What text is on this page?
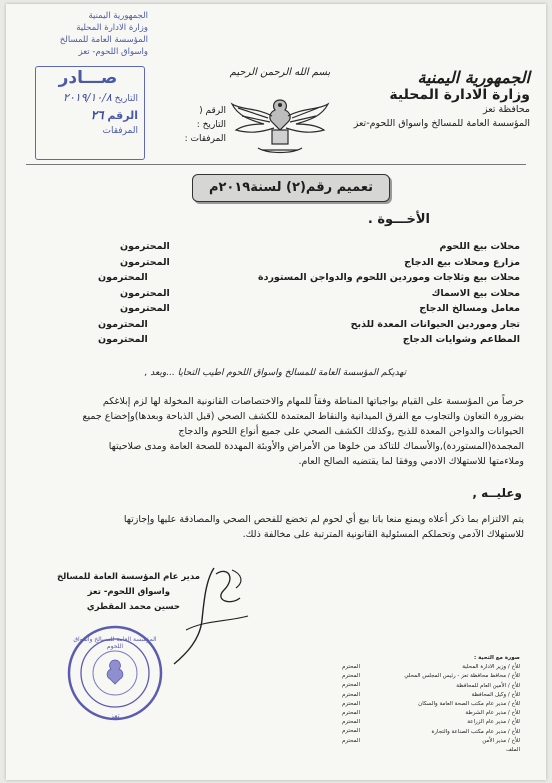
الجمهورية اليمنية
وزارة الادارة المحلية
المؤسسة العامة للمسالخ
واسواق اللحوم- تعز
صـــادر
التاريخ ٢٠١٩/١٠/٨
الرقم ٢٦
المرفقات
بسم الله الرحمن الرحيم	الجمهورية اليمنية
وزارة الادارة المحلية
محافظة تعز
المؤسسة العامة للمسالخ واسواق اللحوم-تعز
الرقم (
التاريخ :
المرفقات :
تعميم رقم(٢) لسنة٢٠١٩م
الأخـــوة .
محلات بيع اللحوم
المحترمون
مزارع ومحلات بيع الدجاج
المحترمون
محلات بيع وثلاجات وموردين اللحوم والدواجن المستوردة
المحترمون
محلات بيع الاسماك
المحترمون
معامل ومسالخ الدجاج
المحترمون
تجار وموردين الحيوانات المعدة للذبح
المحترمون
المطاعم وشوايات الدجاج
المحترمون
تهديكم المؤسسة العامة للمسالخ واسواق اللحوم اطيب التحايا ...وبعد ,
حرصاً من المؤسسة على القيام بواجباتها المناطة وفقاً للمهام والاختصاصات القانونية المخولة لها لزم إبلاغكم
بضرورة التعاون والتجاوب مع الفرق الميدانية والنقاط المعتمدة للكشف الصحي (قبل الذباحة وبعدها)وإخضاع جميع
الحيوانات والدواجن المعدة للذبح ,وكذلك الكشف الصحي على جميع أنواع اللحوم والدجاج
المجمدة(المستوردة),والأسماك للتاكد من خلوها من الأمراض والأوبئة المهددة للصحة العامة ومدى صلاحيتها
وملاءمتها للاستهلاك الادمي ووفقا لما يقتضيه الصالح العام.
وعليــه ,
يتم الالتزام بما ذكر أعلاه ويمنع منعا باتا بيع أي لحوم لم تخضع للفحص الصحي والمصادقة عليها وإجازتها
للاستهلاك الآدمي وتحملكم المسئولية القانونية المترتبة على مخالفة ذلك.
مدير عام المؤسسة العامة للمسالخ
واسواق اللحوم- تعز
حسين محمد المقطري
المؤسسة العامة للمسالخ واسواق اللحوم
تعز
صورة مع التحية :
للأخ / وزير الادارة المحلية
للأخ / محافظ محافظة تعز - رئيس المجلس المحلي
للأخ / الأمين العام للمحافظة
للأخ / وكيل المحافظة
للأخ / مدير عام مكتب الصحة العامة والسكان
للأخ / مدير عام الشرطة
للأخ / مدير عام الزراعة
للأخ / مدير عام مكتب الصناعة والتجارة
للأخ / مدير الأمن
الملف
المحترم
المحترم
المحترم
المحترم
المحترم
المحترم
المحترم
المحترم
المحترم
